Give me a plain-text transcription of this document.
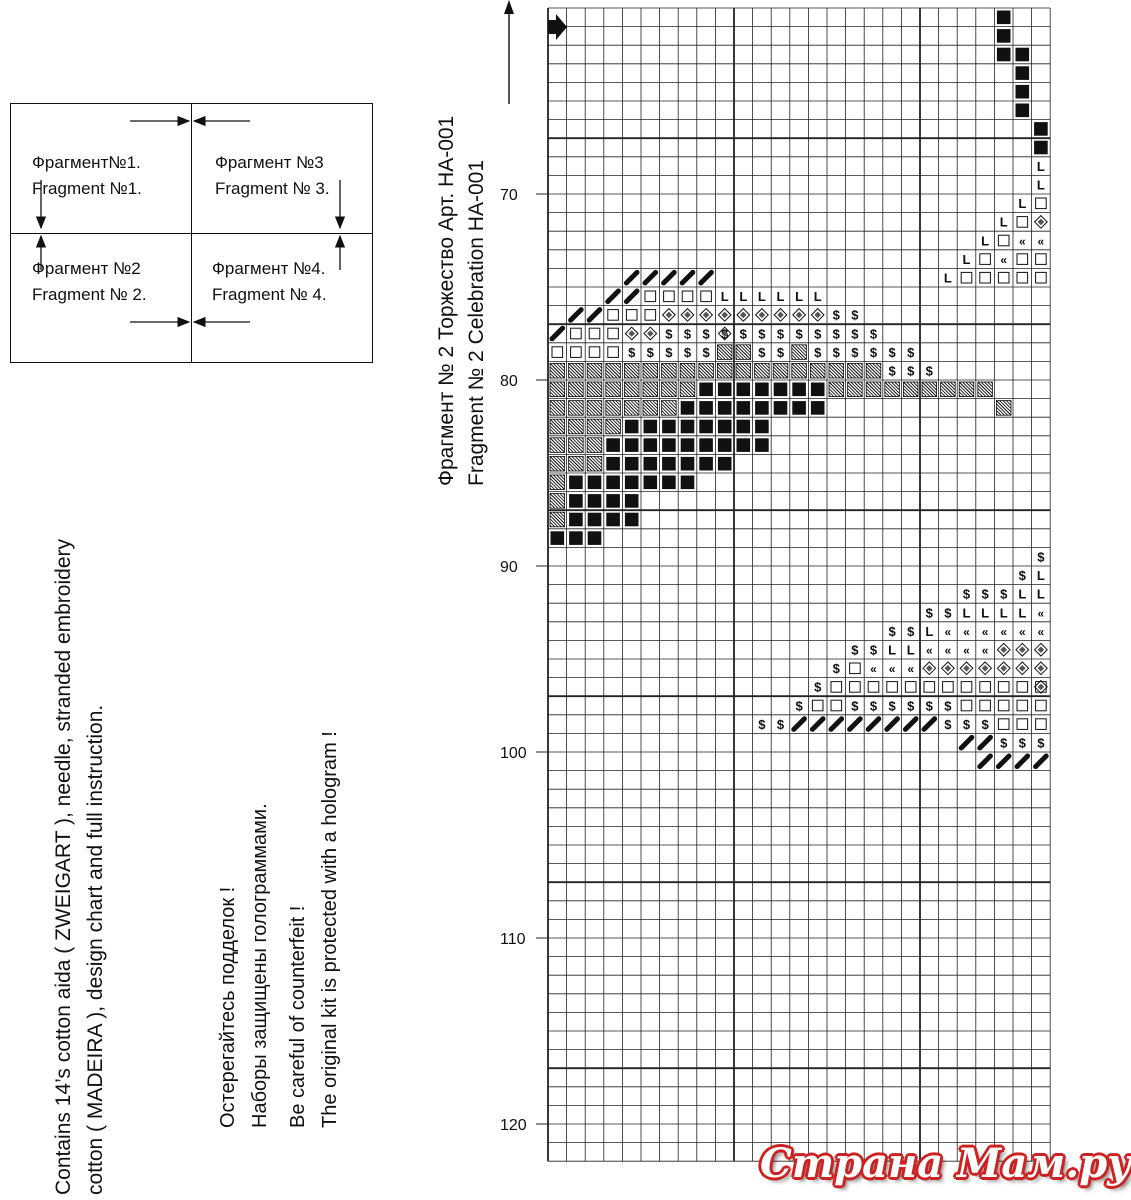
Фрагмент№1.
Fragment №1.
Фрагмент №3
Fragment № 3.
Фрагмент №2
Fragment № 2.
Фрагмент №4.
Fragment № 4.
Contains 14’s cotton aida ( ZWEIGART ), needle, stranded embroidery cotton ( MADEIRA ), design chart and full instruction.	Остерегайтесь подделок ! Наборы защищены голограммами. Be careful of counterfeit ! The original kit is protected with a hologram !
Фрагмент № 2 Торжество Арт. НА-001 Fragment № 2 Celebration HA-001	L
L
L
L
L « «
L «
L
L L L L L L
$ $
$ $ $ $ $ $ $ $ $ $ $
$ $ $ $ $	$ $ $ $ $ $ $ $
$ $ $
$
$ L
$ $ $ L L
$ $ L L L L «
$ $ L « « « « « «
$ $ L L « « « «
$	« « «
$
$	$ $ $ $ $ $
$ $	$ $ $
$ $ $
70
80
90
100
110
120
Страна Мам.ру
